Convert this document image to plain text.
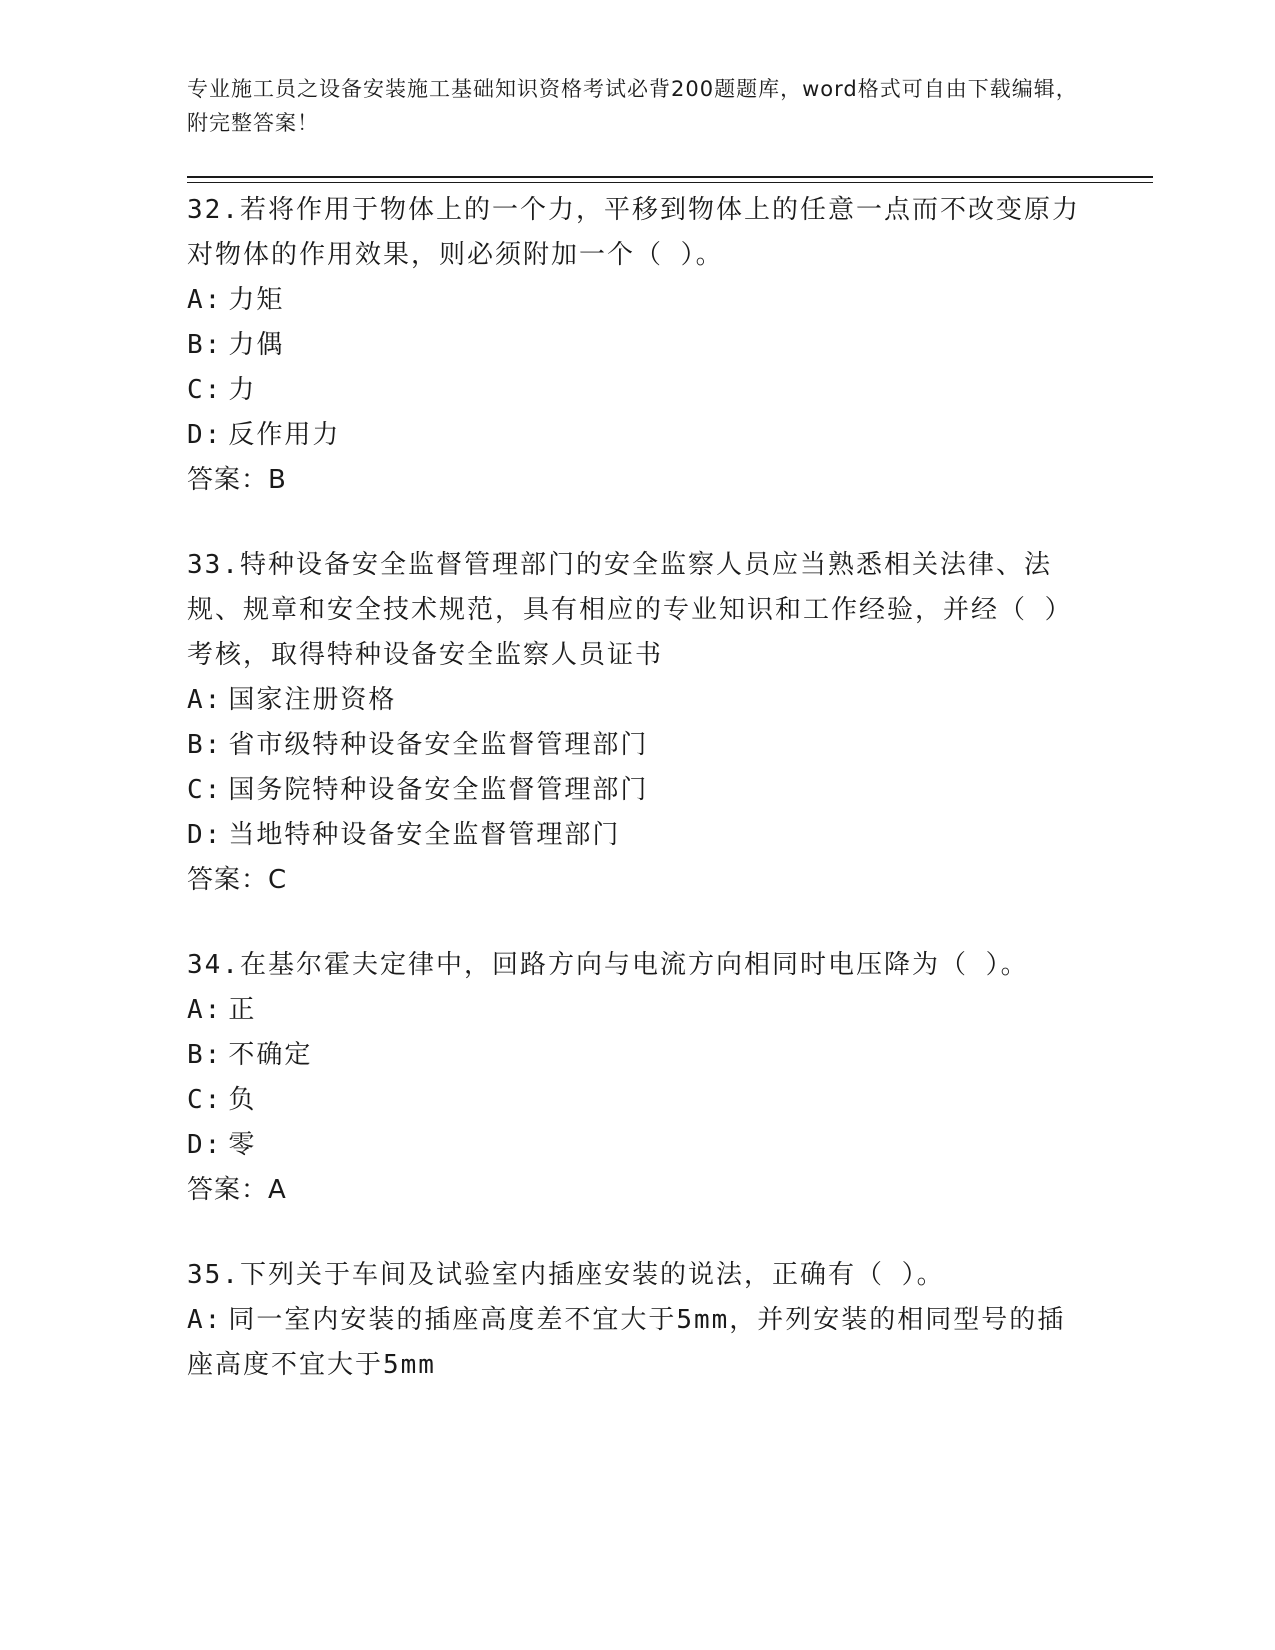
专业施工员之设备安装施工基础知识资格考试必背200题题库，word格式可自由下载编辑，附完整答案！
32.若将作用于物体上的一个力，平移到物体上的任意一点而不改变原力对物体的作用效果，则必须附加一个（ ）。
A: 力矩
B: 力偶
C: 力
D: 反作用力
答案：B
33.特种设备安全监督管理部门的安全监察人员应当熟悉相关法律、法规、规章和安全技术规范，具有相应的专业知识和工作经验，并经（ ）考核，取得特种设备安全监察人员证书
A: 国家注册资格
B: 省市级特种设备安全监督管理部门
C: 国务院特种设备安全监督管理部门
D: 当地特种设备安全监督管理部门
答案：C
34.在基尔霍夫定律中，回路方向与电流方向相同时电压降为（ ）。
A: 正
B: 不确定
C: 负
D: 零
答案：A
35.下列关于车间及试验室内插座安装的说法，正确有（ ）。
A: 同一室内安装的插座高度差不宜大于5mm，并列安装的相同型号的插座高度不宜大于5mm
